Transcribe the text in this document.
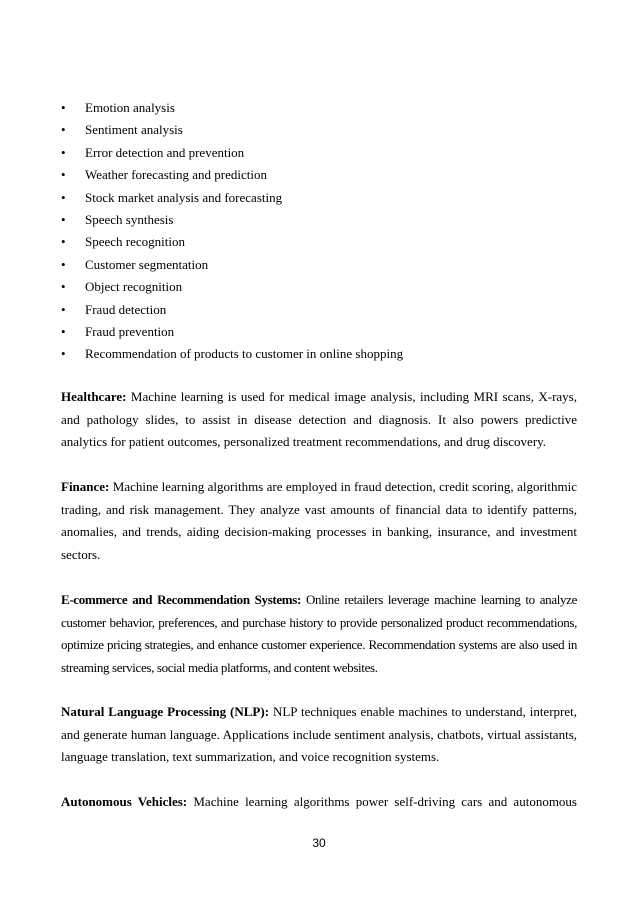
•	Emotion analysis
•	Sentiment analysis
•	Error detection and prevention
•	Weather forecasting and prediction
•	Stock market analysis and forecasting
•	Speech synthesis
•	Speech recognition
•	Customer segmentation
•	Object recognition
•	Fraud detection
•	Fraud prevention
•	Recommendation of products to customer in online shopping

Healthcare: Machine learning is used for medical image analysis, including MRI scans, X-rays, and pathology slides, to assist in disease detection and diagnosis. It also powers predictive analytics for patient outcomes, personalized treatment recommendations, and drug discovery.

Finance: Machine learning algorithms are employed in fraud detection, credit scoring, algorithmic trading, and risk management. They analyze vast amounts of financial data to identify patterns, anomalies, and trends, aiding decision-making processes in banking, insurance, and investment sectors.

E-commerce and Recommendation Systems: Online retailers leverage machine learning to analyze customer behavior, preferences, and purchase history to provide personalized product recommendations, optimize pricing strategies, and enhance customer experience. Recommendation systems are also used in streaming services, social media platforms, and content websites.

Natural Language Processing (NLP): NLP techniques enable machines to understand, interpret, and generate human language. Applications include sentiment analysis, chatbots, virtual assistants, language translation, text summarization, and voice recognition systems.

Autonomous Vehicles: Machine learning algorithms power self-driving cars and autonomous

30
